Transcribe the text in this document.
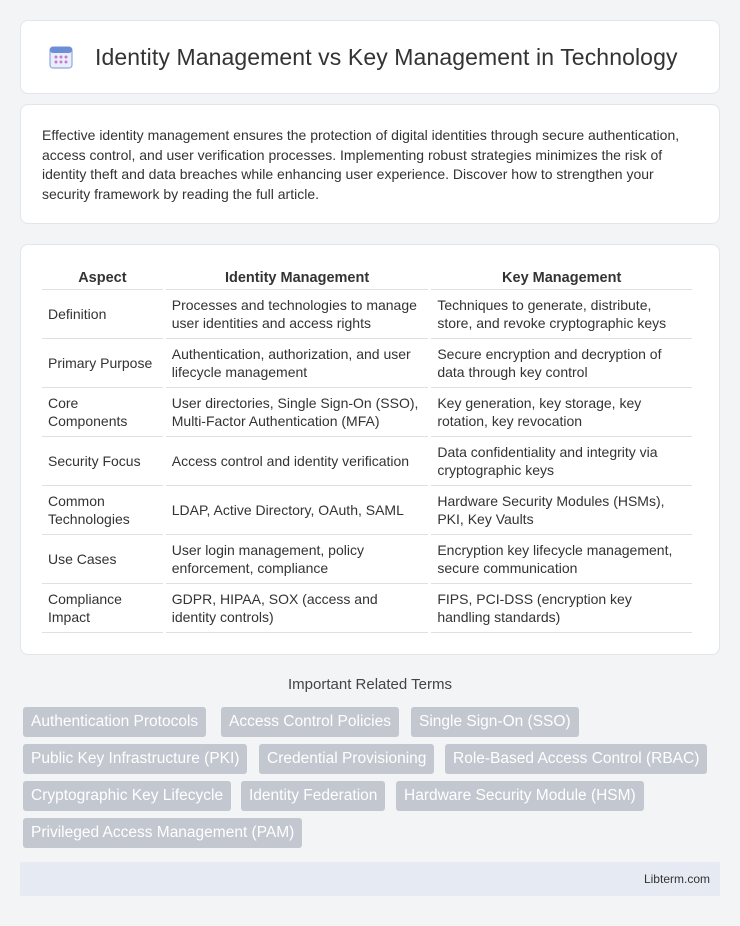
Identity Management vs Key Management in Technology

Effective identity management ensures the protection of digital identities through secure authentication, access control, and user verification processes. Implementing robust strategies minimizes the risk of identity theft and data breaches while enhancing user experience. Discover how to strengthen your security framework by reading the full article.

Aspect	Identity Management	Key Management
Definition	Processes and technologies to manage user identities and access rights	Techniques to generate, distribute, store, and revoke cryptographic keys
Primary Purpose	Authentication, authorization, and user lifecycle management	Secure encryption and decryption of data through key control
Core Components	User directories, Single Sign-On (SSO), Multi-Factor Authentication (MFA)	Key generation, key storage, key rotation, key revocation
Security Focus	Access control and identity verification	Data confidentiality and integrity via cryptographic keys
Common Technologies	LDAP, Active Directory, OAuth, SAML	Hardware Security Modules (HSMs), PKI, Key Vaults
Use Cases	User login management, policy enforcement, compliance	Encryption key lifecycle management, secure communication
Compliance Impact	GDPR, HIPAA, SOX (access and identity controls)	FIPS, PCI-DSS (encryption key handling standards)
Important Related Terms
Authentication Protocols	Access Control Policies	Single Sign-On (SSO)
Public Key Infrastructure (PKI)	Credential Provisioning	Role-Based Access Control (RBAC)
Cryptographic Key Lifecycle	Identity Federation	Hardware Security Module (HSM)
Privileged Access Management (PAM)
Libterm.com
